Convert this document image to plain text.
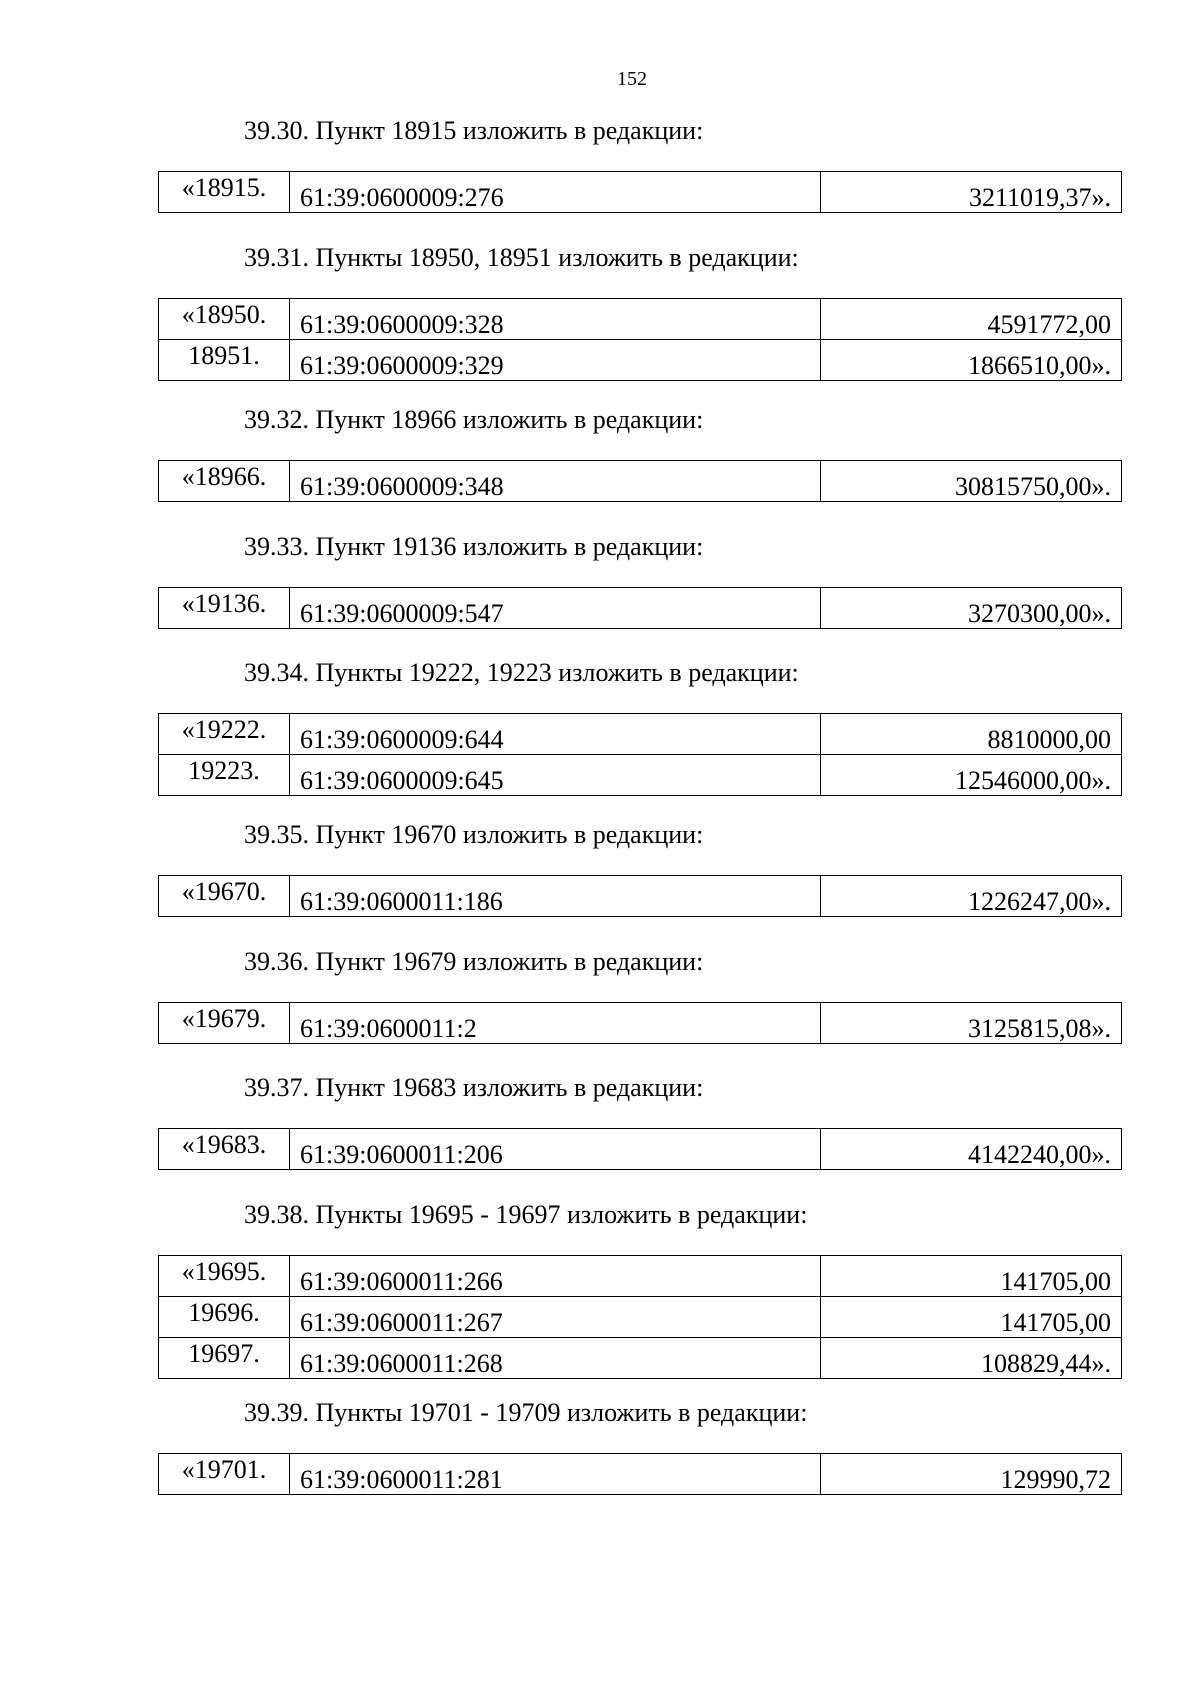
152

39.30. Пункт 18915 изложить в редакции:

«18915.	61:39:0600009:276	3211019,37».

39.31. Пункты 18950, 18951 изложить в редакции:

«18950.	61:39:0600009:328	4591772,00
18951.	61:39:0600009:329	1866510,00».

39.32. Пункт 18966 изложить в редакции:

«18966.	61:39:0600009:348	30815750,00».

39.33. Пункт 19136 изложить в редакции:

«19136.	61:39:0600009:547	3270300,00».

39.34. Пункты 19222, 19223 изложить в редакции:

«19222.	61:39:0600009:644	8810000,00
19223.	61:39:0600009:645	12546000,00».

39.35. Пункт 19670 изложить в редакции:

«19670.	61:39:0600011:186	1226247,00».

39.36. Пункт 19679 изложить в редакции:

«19679.	61:39:0600011:2	3125815,08».

39.37. Пункт 19683 изложить в редакции:

«19683.	61:39:0600011:206	4142240,00».

39.38. Пункты 19695 - 19697 изложить в редакции:

«19695.	61:39:0600011:266	141705,00
19696.	61:39:0600011:267	141705,00
19697.	61:39:0600011:268	108829,44».

39.39. Пункты 19701 - 19709 изложить в редакции:

«19701.	61:39:0600011:281	129990,72
